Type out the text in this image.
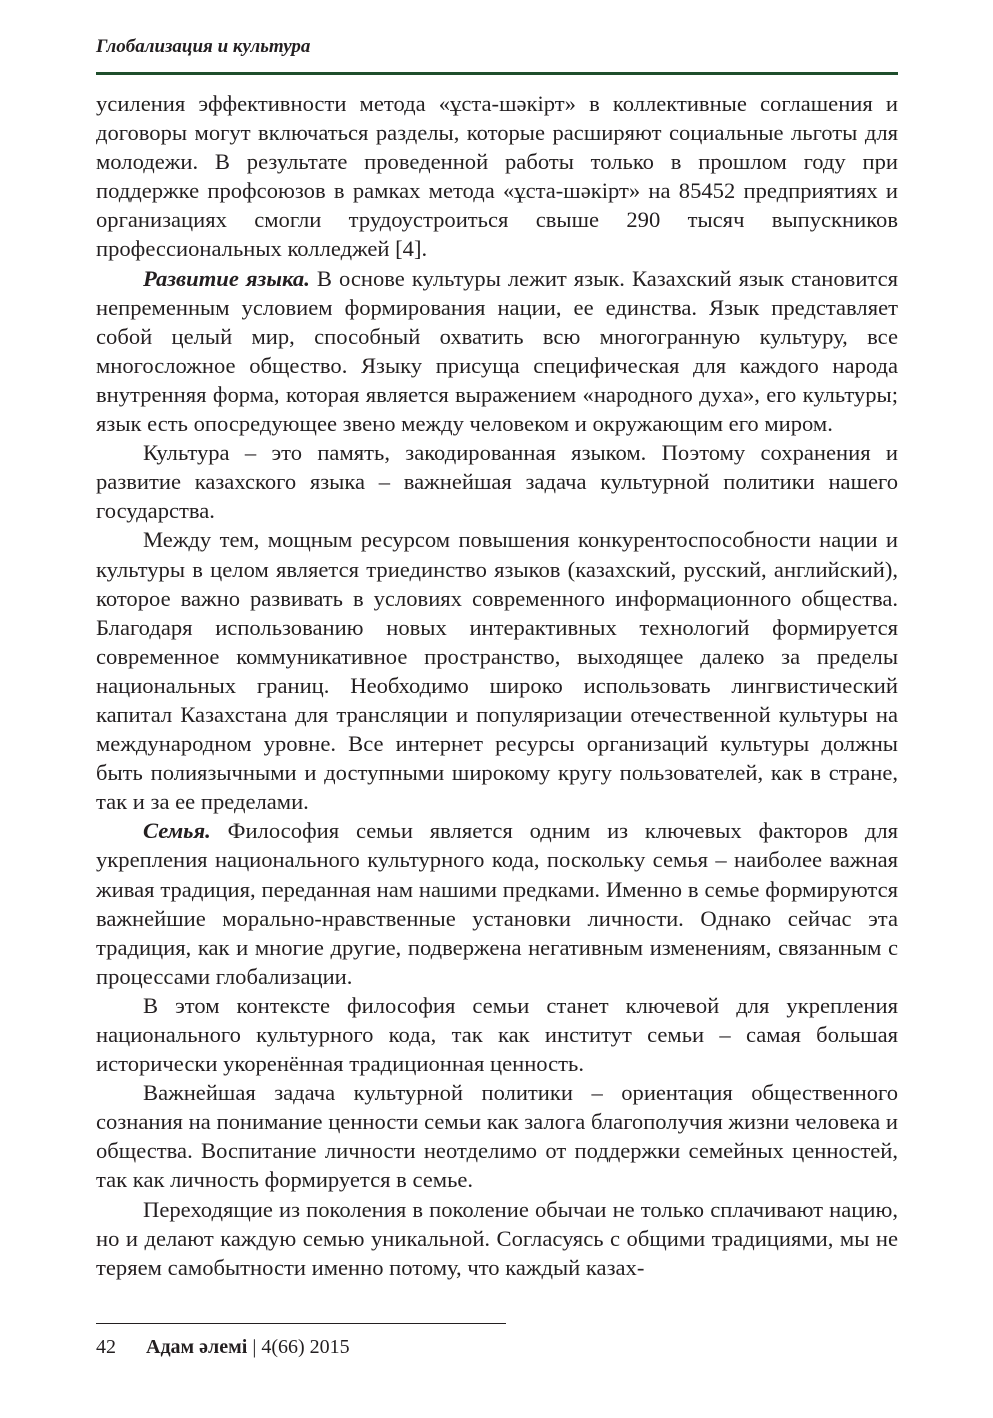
Глобализация и культура

усиления эффективности метода «ұста-шәкірт» в коллективные соглашения и договоры могут включаться разделы, которые расширяют социальные льготы для молодежи. В результате проведенной работы только в прошлом году при поддержке профсоюзов в рамках метода «ұста-шәкірт» на 85452 предприятиях и организациях смогли трудоустроиться свыше 290 тысяч выпускников профессиональных колледжей [4].

Развитие языка. В основе культуры лежит язык. Казахский язык становится непременным условием формирования нации, ее единства. Язык представляет собой целый мир, способный охватить всю многогранную культуру, все многосложное общество. Языку присуща специфическая для каждого народа внутренняя форма, которая является выражением «народного духа», его культуры; язык есть опосредующее звено между человеком и окружающим его миром.

Культура – это память, закодированная языком. Поэтому сохранения и развитие казахского языка – важнейшая задача культурной политики нашего государства.

Между тем, мощным ресурсом повышения конкурентоспособности нации и культуры в целом является триединство языков (казахский, русский, английский), которое важно развивать в условиях современного информационного общества. Благодаря использованию новых интерактивных технологий формируется современное коммуникативное пространство, выходящее далеко за пределы национальных границ. Необходимо широко использовать лингвистический капитал Казахстана для трансляции и популяризации отечественной культуры на международном уровне. Все интернет ресурсы организаций культуры должны быть полиязычными и доступными широкому кругу пользователей, как в стране, так и за ее пределами.

Семья. Философия семьи является одним из ключевых факторов для укрепления национального культурного кода, поскольку семья – наиболее важная живая традиция, переданная нам нашими предками. Именно в семье формируются важнейшие морально-нравственные установки личности. Однако сейчас эта традиция, как и многие другие, подвержена негативным изменениям, связанным с процессами глобализации.

В этом контексте философия семьи станет ключевой для укрепления национального культурного кода, так как институт семьи – самая большая исторически укоренённая традиционная ценность.

Важнейшая задача культурной политики – ориентация общественного сознания на понимание ценности семьи как залога благополучия жизни человека и общества. Воспитание личности неотделимо от поддержки семейных ценностей, так как личность формируется в семье.

Переходящие из поколения в поколение обычаи не только сплачивают нацию, но и делают каждую семью уникальной. Согласуясь с общими традициями, мы не теряем самобытности именно потому, что каждый казах-

42 Адам әлемі | 4(66) 2015
